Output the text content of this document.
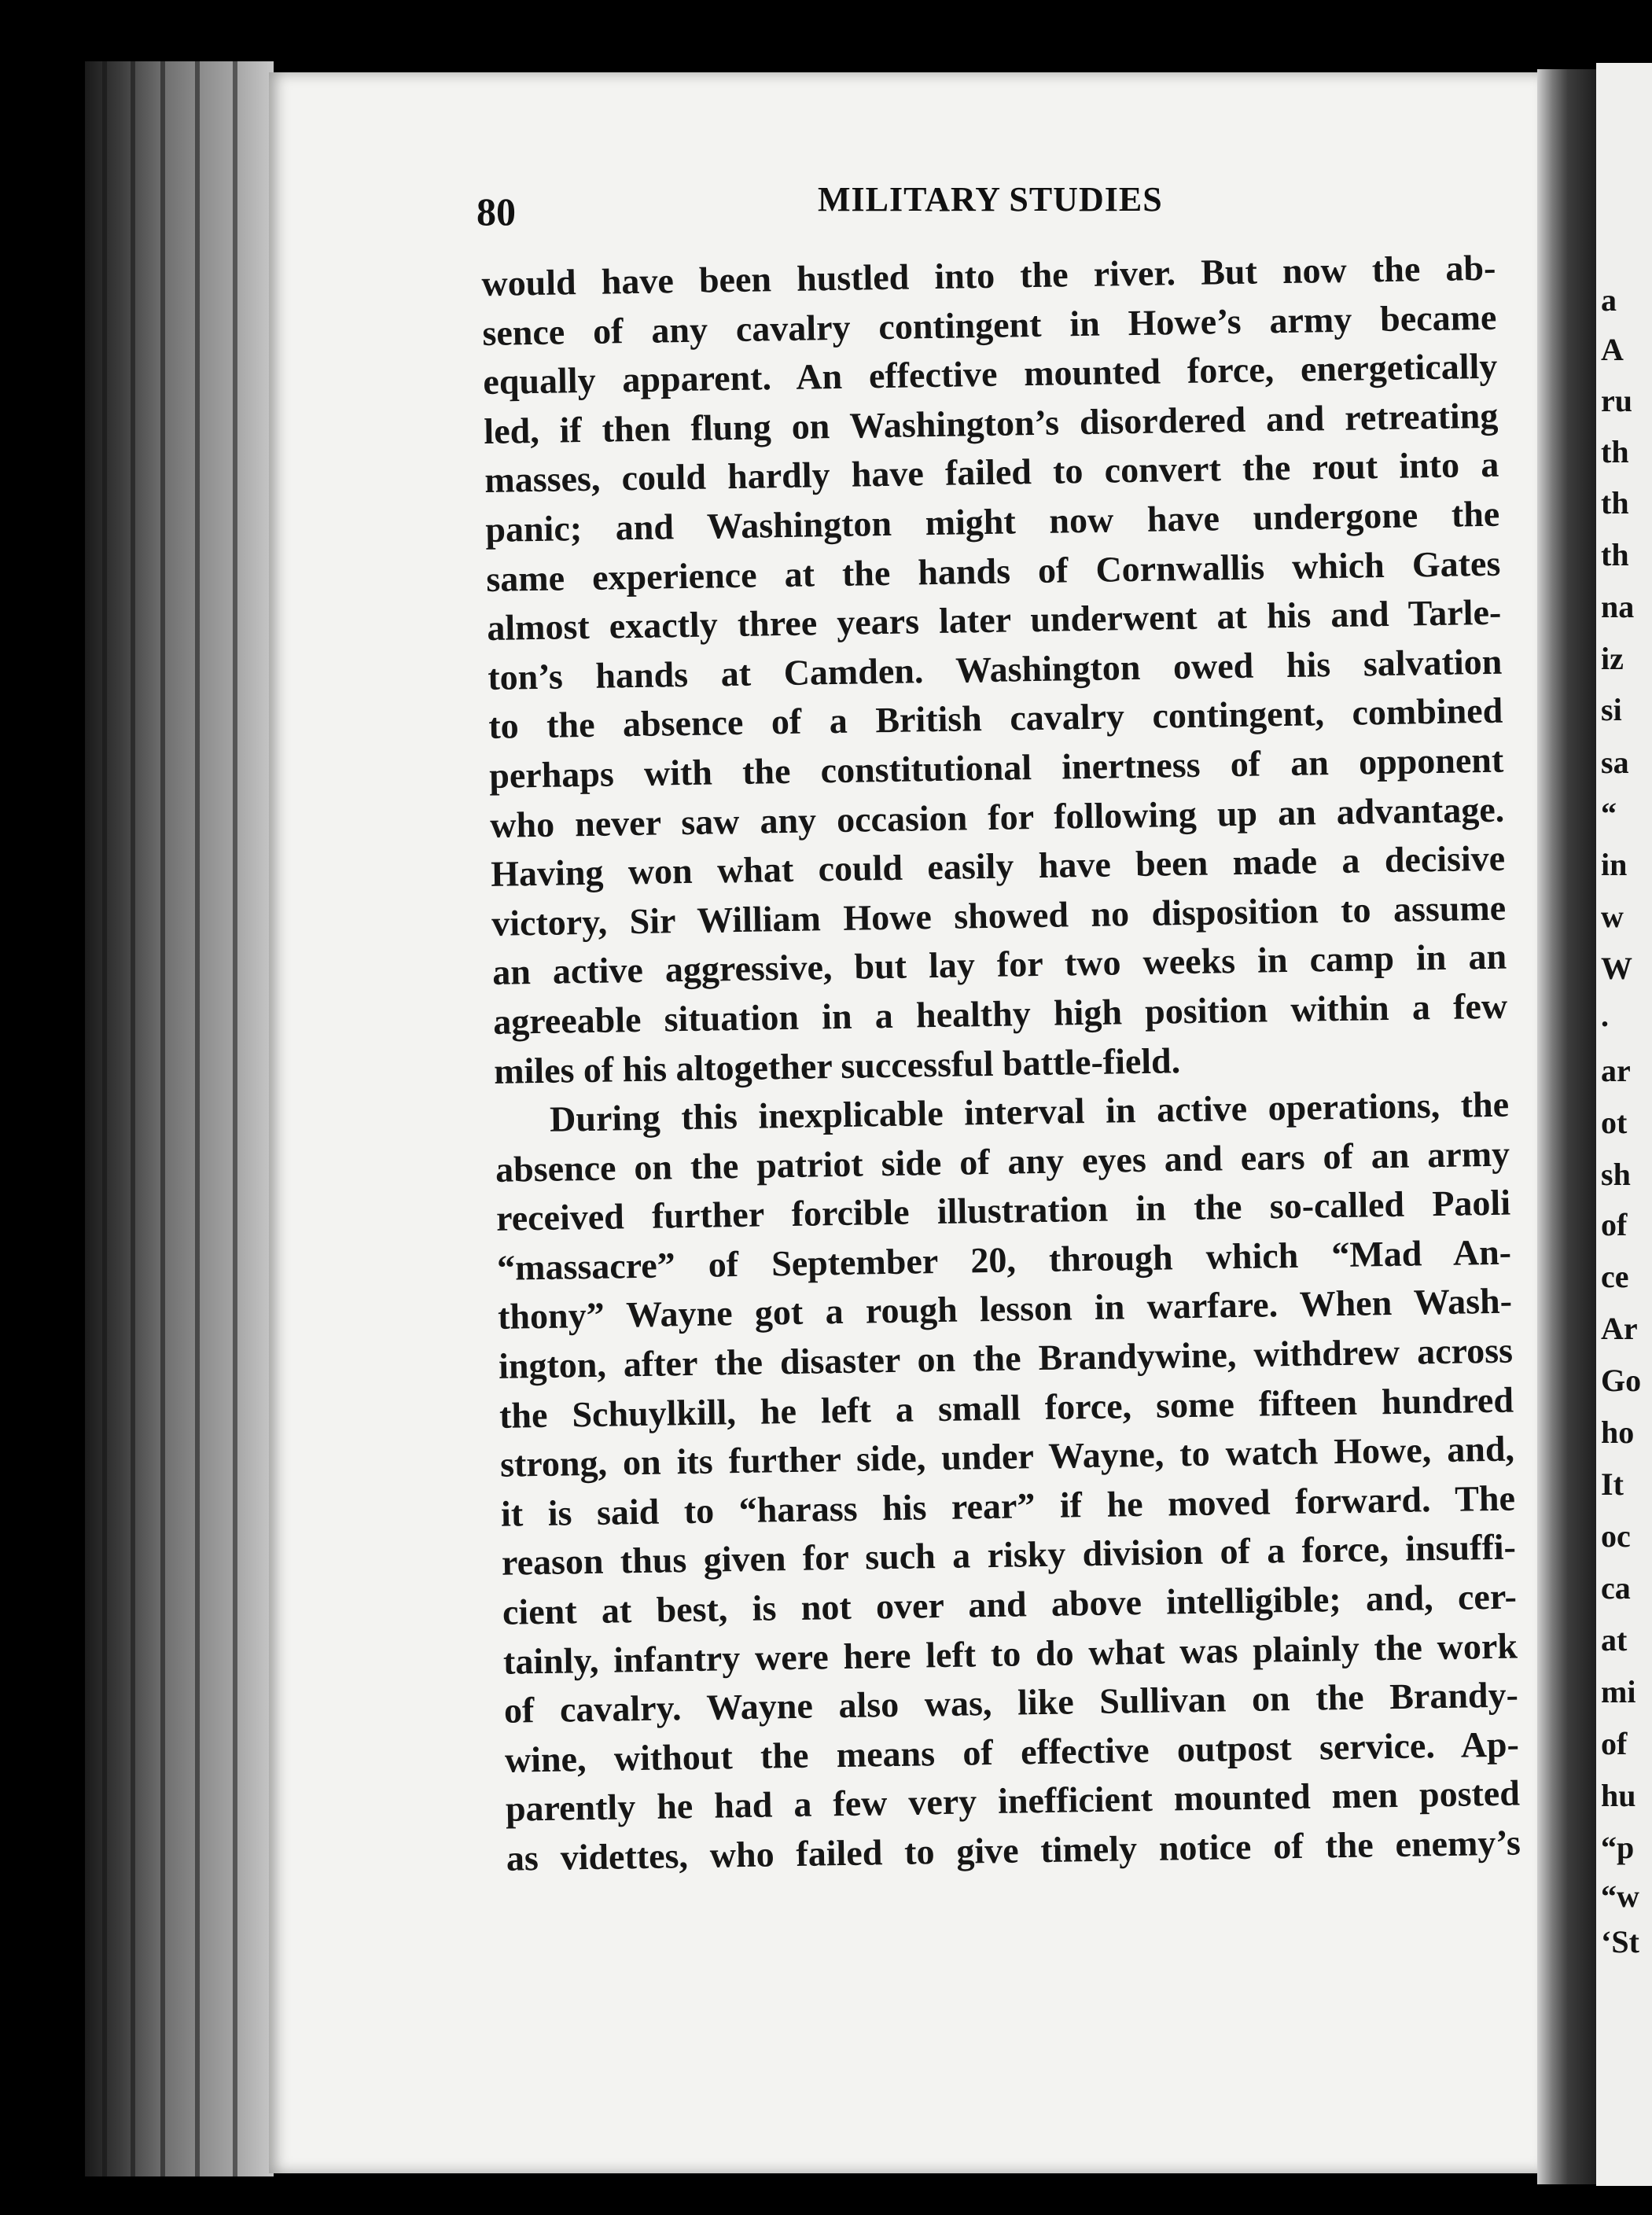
80	MILITARY STUDIES
would have been hustled into the river. But now the ab-
sence of any cavalry contingent in Howe’s army became
equally apparent. An effective mounted force, energetically
led, if then flung on Washington’s disordered and retreating
masses, could hardly have failed to convert the rout into a
panic; and Washington might now have undergone the
same experience at the hands of Cornwallis which Gates
almost exactly three years later underwent at his and Tarle-
ton’s hands at Camden. Washington owed his salvation
to the absence of a British cavalry contingent, combined
perhaps with the constitutional inertness of an opponent
who never saw any occasion for following up an advantage.
Having won what could easily have been made a decisive
victory, Sir William Howe showed no disposition to assume
an active aggressive, but lay for two weeks in camp in an
agreeable situation in a healthy high position within a few
miles of his altogether successful battle-field.
During this inexplicable interval in active operations, the
absence on the patriot side of any eyes and ears of an army
received further forcible illustration in the so-called Paoli
“massacre” of September 20, through which “Mad An-
thony” Wayne got a rough lesson in warfare. When Wash-
ington, after the disaster on the Brandywine, withdrew across
the Schuylkill, he left a small force, some fifteen hundred
strong, on its further side, under Wayne, to watch Howe, and,
it is said to “harass his rear” if he moved forward. The
reason thus given for such a risky division of a force, insuffi-
cient at best, is not over and above intelligible; and, cer-
tainly, infantry were here left to do what was plainly the work
of cavalry. Wayne also was, like Sullivan on the Brandy-
wine, without the means of effective outpost service. Ap-
parently he had a few very inefficient mounted men posted
as videttes, who failed to give timely notice of the enemy’s
a
A
ru
th
th
th
na
iz
si
sa
“
in
w
W
.
ar
ot
sh
of
ce
Ar
Go
ho
It
oc
ca
at
mi
of
hu
“p
“w
‘St
